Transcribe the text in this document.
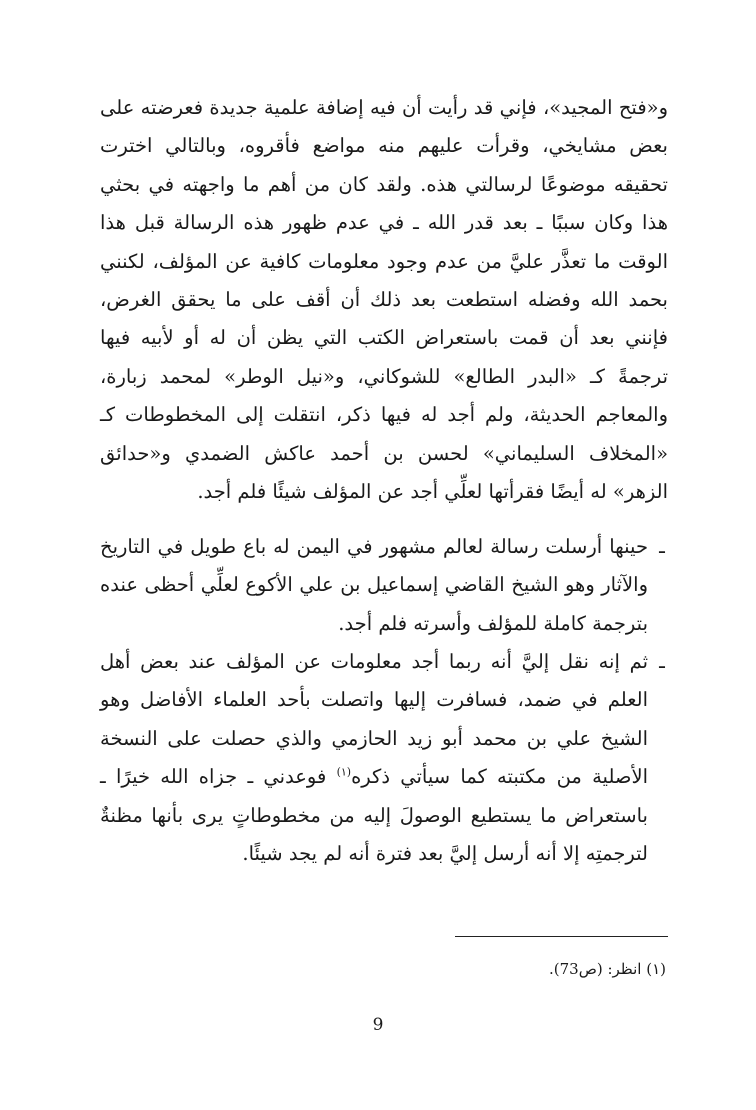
و«فتح المجيد»، فإني قد رأيت أن فيه إضافة علمية جديدة فعرضته على بعض مشايخي، وقرأت عليهم منه مواضع فأقروه، وبالتالي اخترت تحقيقه موضوعًا لرسالتي هذه. ولقد كان من أهم ما واجهته في بحثي هذا وكان سببًا ـ بعد قدر الله ـ في عدم ظهور هذه الرسالة قبل هذا الوقت ما تعذَّر عليَّ من عدم وجود معلومات كافية عن المؤلف، لكنني بحمد الله وفضله استطعت بعد ذلك أن أقف على ما يحقق الغرض، فإنني بعد أن قمت باستعراض الكتب التي يظن أن له أو لأبيه فيها ترجمةً كـ «البدر الطالع» للشوكاني، و«نيل الوطر» لمحمد زبارة، والمعاجم الحديثة، ولم أجد له فيها ذكر، انتقلت إلى المخطوطات كـ «المخلاف السليماني» لحسن بن أحمد عاكش الضمدي و«حدائق الزهر» له أيضًا فقرأتها لعلِّي أجد عن المؤلف شيئًا فلم أجد.

ـ
حينها أرسلت رسالة لعالم مشهور في اليمن له باع طويل في التاريخ والآثار وهو الشيخ القاضي إسماعيل بن علي الأكوع لعلِّي أحظى عنده بترجمة كاملة للمؤلف وأسرته فلم أجد.
ـ
ثم إنه نقل إليَّ أنه ربما أجد معلومات عن المؤلف عند بعض أهل العلم في ضمد، فسافرت إليها واتصلت بأحد العلماء الأفاضل وهو الشيخ علي بن محمد أبو زيد الحازمي والذي حصلت على النسخة الأصلية من مكتبته كما سيأتي ذكره$^{(١)}$ فوعدني ـ جزاه الله خيرًا ـ باستعراض ما يستطيع الوصولَ إليه من مخطوطاتٍ يرى بأنها مظنةٌ لترجمتِه إلا أنه أرسل إليَّ بعد فترة أنه لم يجد شيئًا.
(١) انظر: (ص73).
9
